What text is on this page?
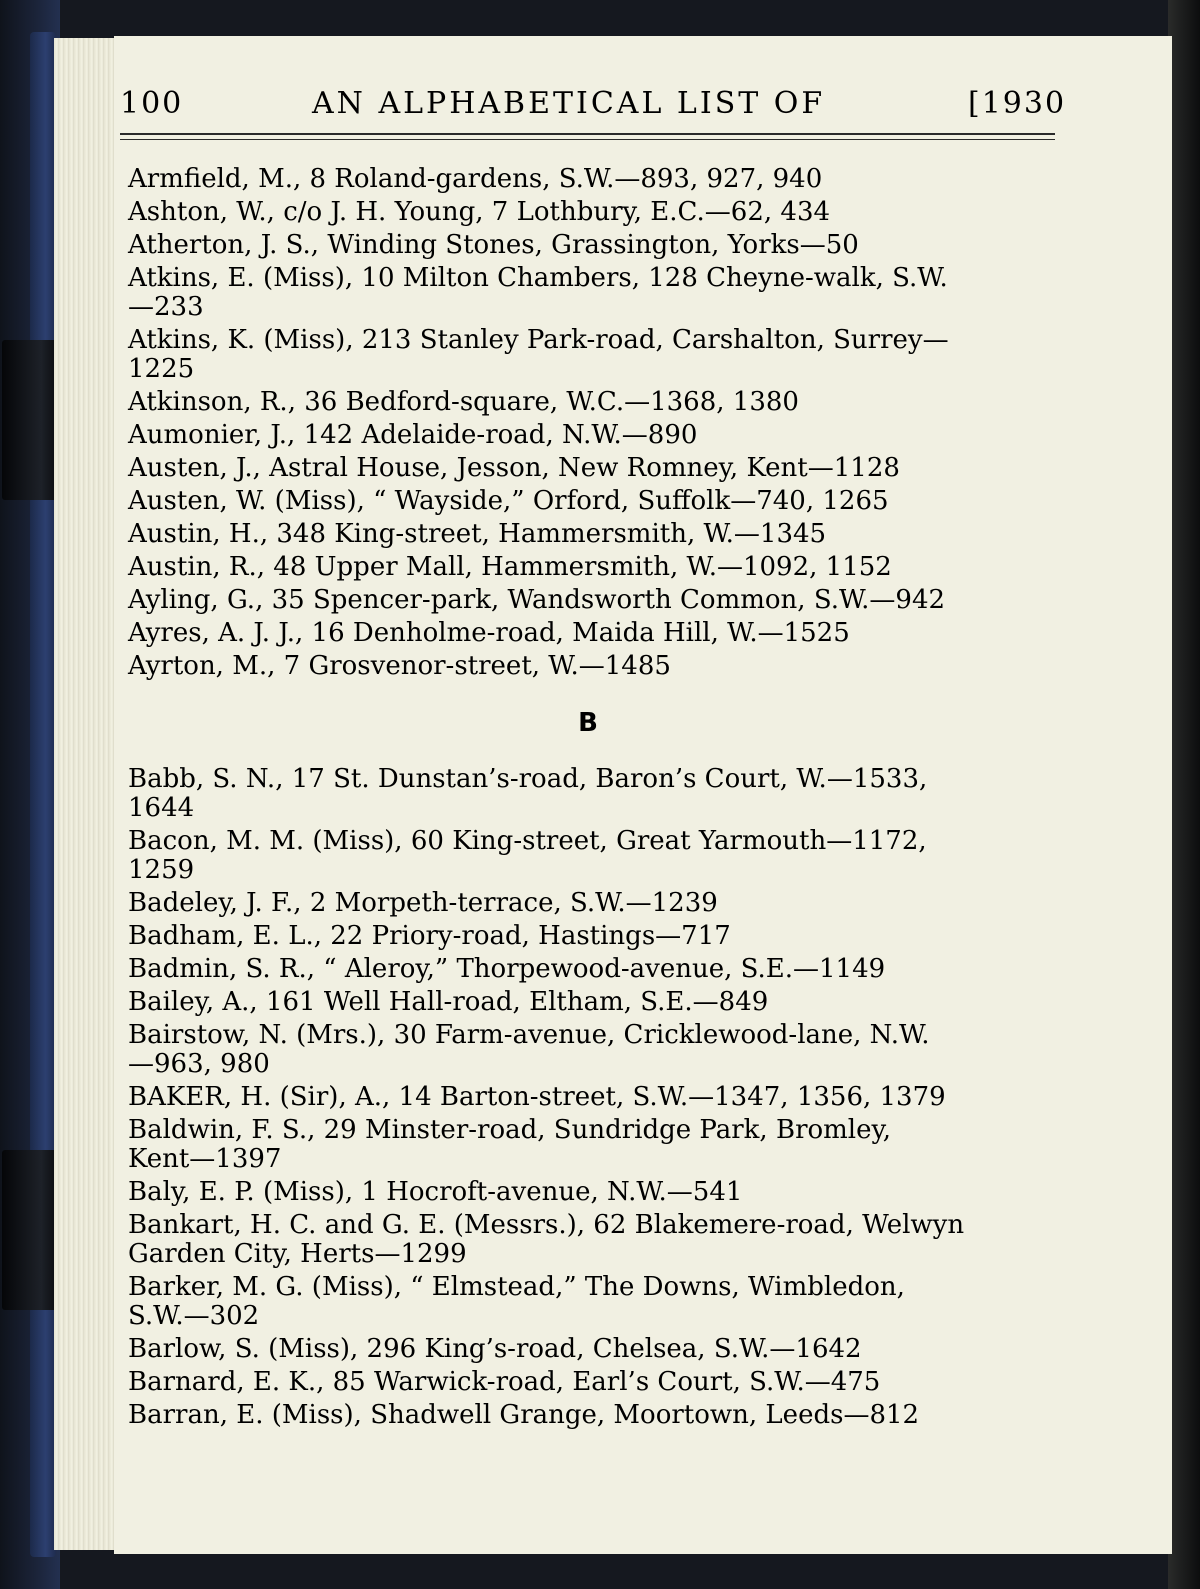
100	AN ALPHABETICAL LIST OF	[1930
Armfield, M., 8 Roland-gardens, S.W.—893, 927, 940
Ashton, W., c/o J. H. Young, 7 Lothbury, E.C.—62, 434
Atherton, J. S., Winding Stones, Grassington, Yorks—50
Atkins, E. (Miss), 10 Milton Chambers, 128 Cheyne-walk, S.W.
—233
Atkins, K. (Miss), 213 Stanley Park-road, Carshalton, Surrey—
1225
Atkinson, R., 36 Bedford-square, W.C.—1368, 1380
Aumonier, J., 142 Adelaide-road, N.W.—890
Austen, J., Astral House, Jesson, New Romney, Kent—1128
Austen, W. (Miss), “ Wayside,” Orford, Suffolk—740, 1265
Austin, H., 348 King-street, Hammersmith, W.—1345
Austin, R., 48 Upper Mall, Hammersmith, W.—1092, 1152
Ayling, G., 35 Spencer-park, Wandsworth Common, S.W.—942
Ayres, A. J. J., 16 Denholme-road, Maida Hill, W.—1525
Ayrton, M., 7 Grosvenor-street, W.—1485
B
Babb, S. N., 17 St. Dunstan’s-road, Baron’s Court, W.—1533,
1644
Bacon, M. M. (Miss), 60 King-street, Great Yarmouth—1172,
1259
Badeley, J. F., 2 Morpeth-terrace, S.W.—1239
Badham, E. L., 22 Priory-road, Hastings—717
Badmin, S. R., “ Aleroy,” Thorpewood-avenue, S.E.—1149
Bailey, A., 161 Well Hall-road, Eltham, S.E.—849
Bairstow, N. (Mrs.), 30 Farm-avenue, Cricklewood-lane, N.W.
—963, 980
BAKER, H. (Sir), A., 14 Barton-street, S.W.—1347, 1356, 1379
Baldwin, F. S., 29 Minster-road, Sundridge Park, Bromley,
Kent—1397
Baly, E. P. (Miss), 1 Hocroft-avenue, N.W.—541
Bankart, H. C. and G. E. (Messrs.), 62 Blakemere-road, Welwyn
Garden City, Herts—1299
Barker, M. G. (Miss), “ Elmstead,” The Downs, Wimbledon,
S.W.—302
Barlow, S. (Miss), 296 King’s-road, Chelsea, S.W.—1642
Barnard, E. K., 85 Warwick-road, Earl’s Court, S.W.—475
Barran, E. (Miss), Shadwell Grange, Moortown, Leeds—812
